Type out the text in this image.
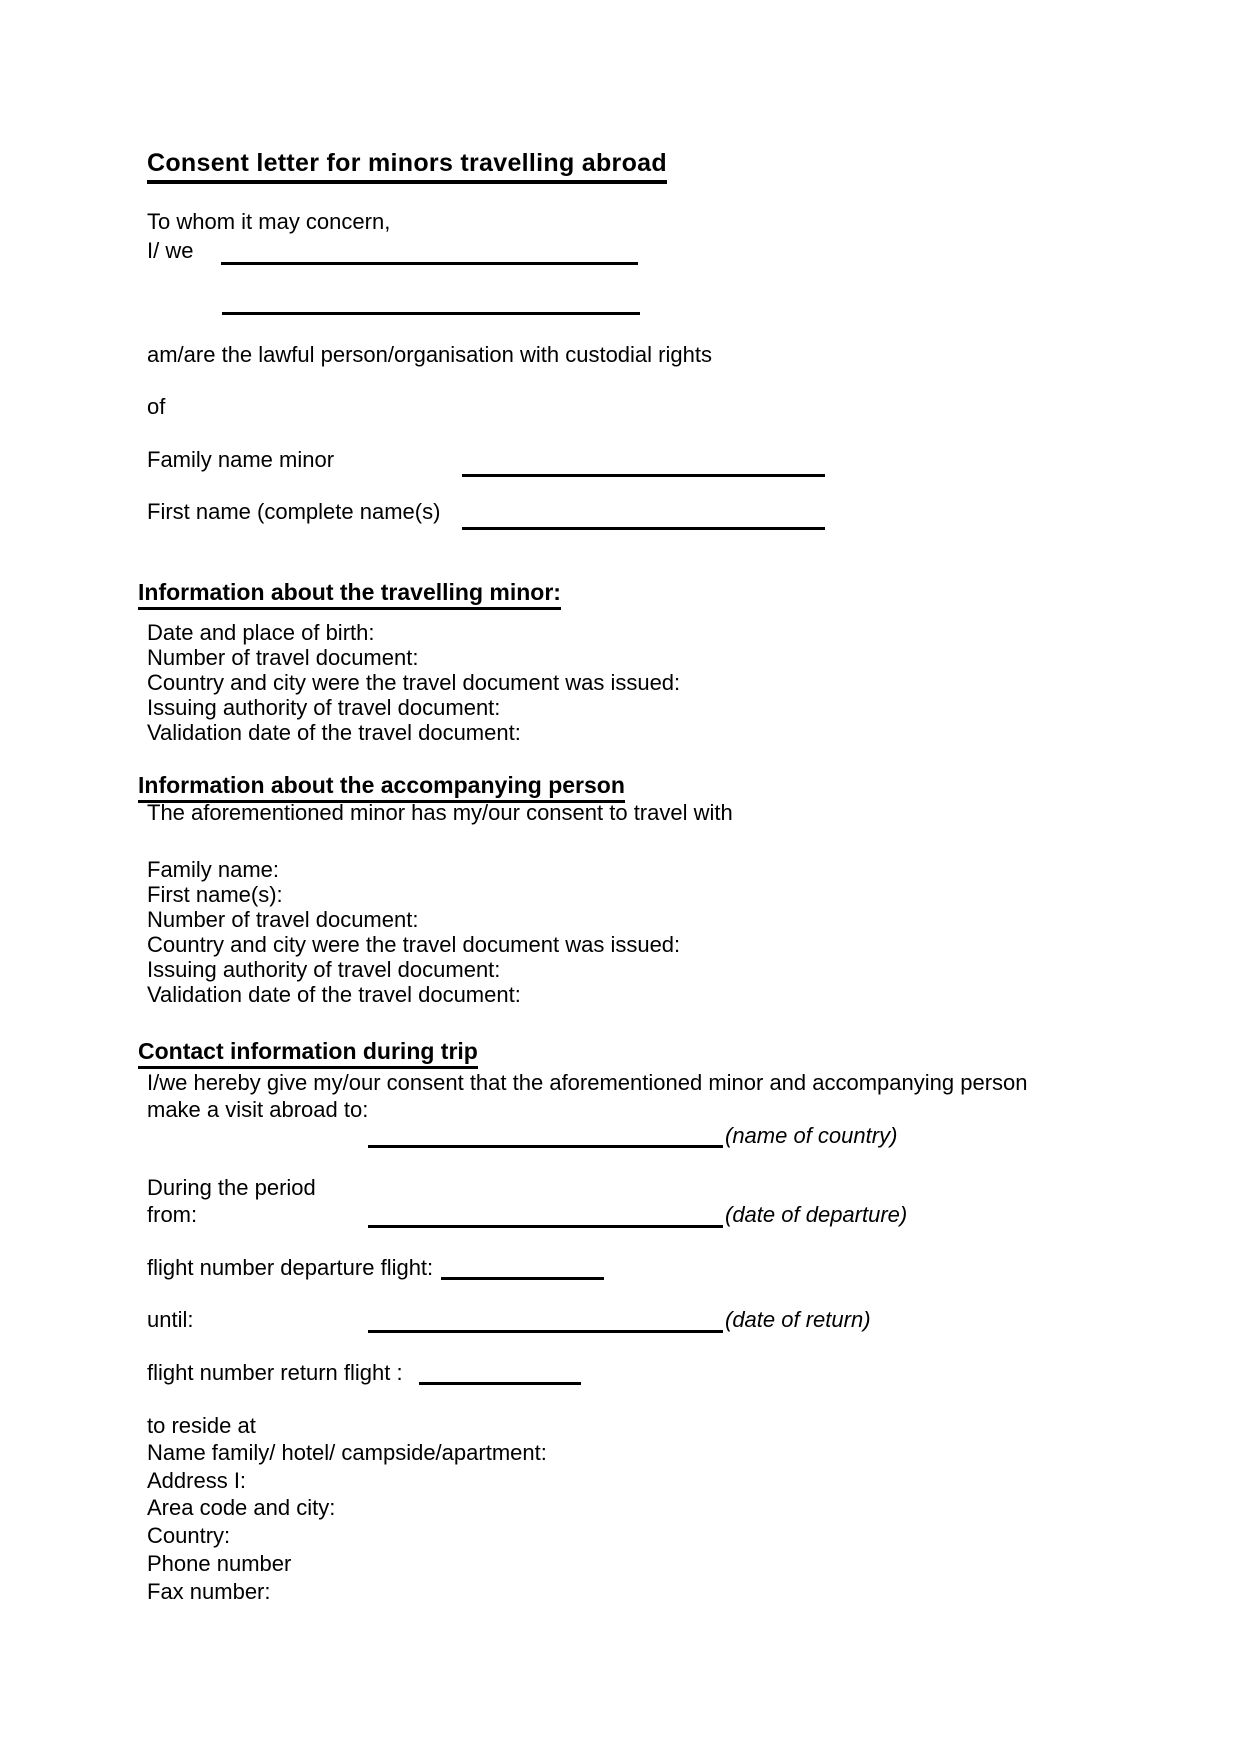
Consent letter for minors travelling abroad
To whom it may concern,
I/ we
am/are the lawful person/organisation with custodial rights
of
Family name minor
First name (complete name(s)
Information about the travelling minor:
Date and place of birth:
Number of travel document:
Country and city were the travel document was issued:
Issuing authority of travel document:
Validation date of the travel document:
Information about the accompanying person
The aforementioned minor has my/our consent to travel with
Family name:
First name(s):
Number of travel document:
Country and city were the travel document was issued:
Issuing authority of travel document:
Validation date of the travel document:
Contact information during trip
I/we hereby give my/our consent that the aforementioned minor and accompanying person
make a visit abroad to:
(name of country)
During the period
from:	(date of departure)
flight number departure flight:
until:	(date of return)
flight number return flight :
to reside at
Name family/ hotel/ campside/apartment:
Address I:
Area code and city:
Country:
Phone number
Fax number:
